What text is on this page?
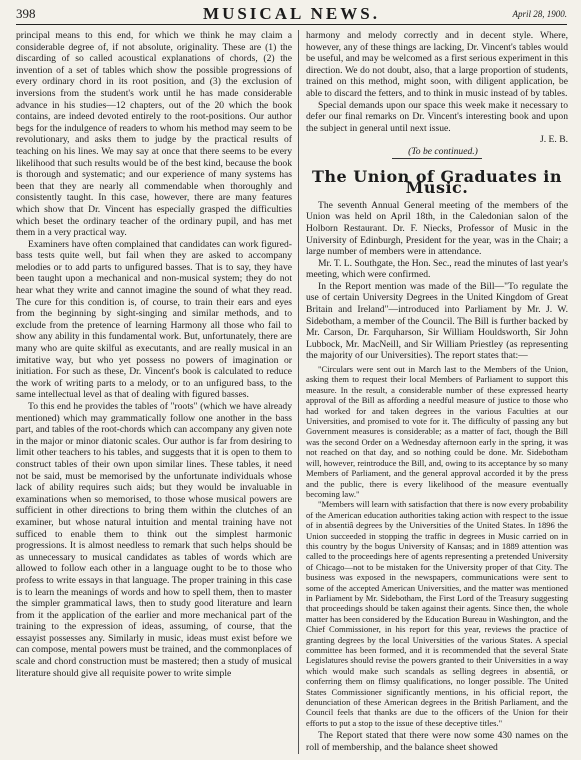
398	MUSICAL NEWS.	April 28, 1900.

principal means to this end, for which we think he may claim a considerable degree of, if not absolute, originality. These are (1) the discarding of so called acoustical explanations of chords, (2) the invention of a set of tables which show the possible progressions of every ordinary chord in its root position, and (3) the exclusion of inversions from the student's work until he has made considerable advance in his studies—12 chapters, out of the 20 which the book contains, are indeed devoted entirely to the root-positions. Our author begs for the indulgence of readers to whom his method may seem to be revolutionary, and asks them to judge by the practical results of teaching on his lines. We may say at once that there seems to be every likelihood that such results would be of the best kind, because the book is thorough and systematic; and our experience of many systems has been that they are nearly all commendable when thoroughly and consistently taught. In this case, however, there are many features which show that Dr. Vincent has especially grasped the difficulties which beset the ordinary teacher of the ordinary pupil, and has met them in a very practical way.

Examiners have often complained that candidates can work figured-bass tests quite well, but fail when they are asked to accompany melodies or to add parts to unfigured basses. That is to say, they have been taught upon a mechanical and non-musical system; they do not hear what they write and cannot imagine the sound of what they read. The cure for this condition is, of course, to train their ears and eyes from the beginning by sight-singing and similar methods, and to exclude from the pretence of learning Harmony all those who fail to show any ability in this fundamental work. But, unfortunately, there are many who are quite skilful as executants, and are really musical in an imitative way, but who yet possess no powers of imagination or initiation. For such as these, Dr. Vincent's book is calculated to reduce the work of writing parts to a melody, or to an unfigured bass, to the same intellectual level as that of dealing with figured basses.

To this end he provides the tables of "roots" (which we have already mentioned) which may grammatically follow one another in the bass part, and tables of the root-chords which can accompany any given note in the major or minor diatonic scales. Our author is far from desiring to limit other teachers to his tables, and suggests that it is open to them to construct tables of their own upon similar lines. These tables, it need not be said, must be memorised by the unfortunate individuals whose lack of ability requires such aids; but they would be invaluable in examinations when so memorised, to those whose musical powers are sufficient in other directions to bring them within the clutches of an examiner, but whose natural intuition and mental training have not sufficed to enable them to think out the simplest harmonic progressions. It is almost needless to remark that such helps should be as unnecessary to musical candidates as tables of words which are allowed to follow each other in a language ought to be to those who profess to write essays in that language. The proper training in this case is to learn the meanings of words and how to spell them, then to master the simpler grammatical laws, then to study good literature and learn from it the application of the earlier and more mechanical part of the training to the expression of ideas, assuming, of course, that the essayist possesses any. Similarly in music, ideas must exist before we can compose, mental powers must be trained, and the commonplaces of scale and chord construction must be mastered; then a study of musical literature should give all requisite power to write simple

harmony and melody correctly and in decent style. Where, however, any of these things are lacking, Dr. Vincent's tables would be useful, and may be welcomed as a first serious experiment in this direction. We do not doubt, also, that a large proportion of students, trained on this method, might soon, with diligent application, be able to discard the fetters, and to think in music instead of by tables.

Special demands upon our space this week make it necessary to defer our final remarks on Dr. Vincent's interesting book and upon the subject in general until next issue.

J. E. B.

(To be continued.)

The Union of Graduates in Music.

The seventh Annual General meeting of the members of the Union was held on April 18th, in the Caledonian salon of the Holborn Restaurant. Dr. F. Niecks, Professor of Music in the University of Edinburgh, President for the year, was in the Chair; a large number of members were in attendance.

Mr. T. L. Southgate, the Hon. Sec., read the minutes of last year's meeting, which were confirmed.

In the Report mention was made of the Bill—"To regulate the use of certain University Degrees in the United Kingdom of Great Britain and Ireland"—introduced into Parliament by Mr. J. W. Sidebotham, a member of the Council. The Bill is further backed by Mr. Carson, Dr. Farquharson, Sir William Houldsworth, Sir John Lubbock, Mr. MacNeill, and Sir William Priestley (as representing the majority of our Universities). The report states that:—

"Circulars were sent out in March last to the Members of the Union, asking them to request their local Members of Parliament to support this measure. In the result, a considerable number of these expressed hearty approval of the Bill as affording a needful measure of justice to those who had worked for and taken degrees in the various Faculties at our Universities, and promised to vote for it. The difficulty of passing any but Government measures is considerable; as a matter of fact, though the Bill was the second Order on a Wednesday afternoon early in the spring, it was not reached on that day, and so nothing could be done. Mr. Sidebotham will, however, reintroduce the Bill, and, owing to its acceptance by so many Members of Parliament, and the general approval accorded it by the press and the public, there is every likelihood of the measure eventually becoming law."

"Members will learn with satisfaction that there is now every probability of the American education authorities taking action with respect to the issue of in absentiâ degrees by the Universities of the United States. In 1896 the Union succeeded in stopping the traffic in degrees in Music carried on in this country by the bogus University of Kansas; and in 1889 attention was called to the proceedings here of agents representing a pretended University of Chicago—not to be mistaken for the University proper of that City. The business was exposed in the newspapers, communications were sent to some of the accepted American Universities, and the matter was mentioned in Parliament by Mr. Sidebotham, the First Lord of the Treasury suggesting that proceedings should be taken against their agents. Since then, the whole matter has been considered by the Education Bureau in Washington, and the Chief Commissioner, in his report for this year, reviews the practice of granting degrees by the local Universities of the various States. A special committee has been formed, and it is recommended that the several State Legislatures should revise the powers granted to their Universities in a way which would make such scandals as selling degrees in absentiâ, or conferring them on flimsy qualifications, no longer possible. The United States Commissioner significantly mentions, in his official report, the denunciation of these American degrees in the British Parliament, and the Council feels that thanks are due to the officers of the Union for their efforts to put a stop to the issue of these deceptive titles."

The Report stated that there were now some 430 names on the roll of membership, and the balance sheet showed
